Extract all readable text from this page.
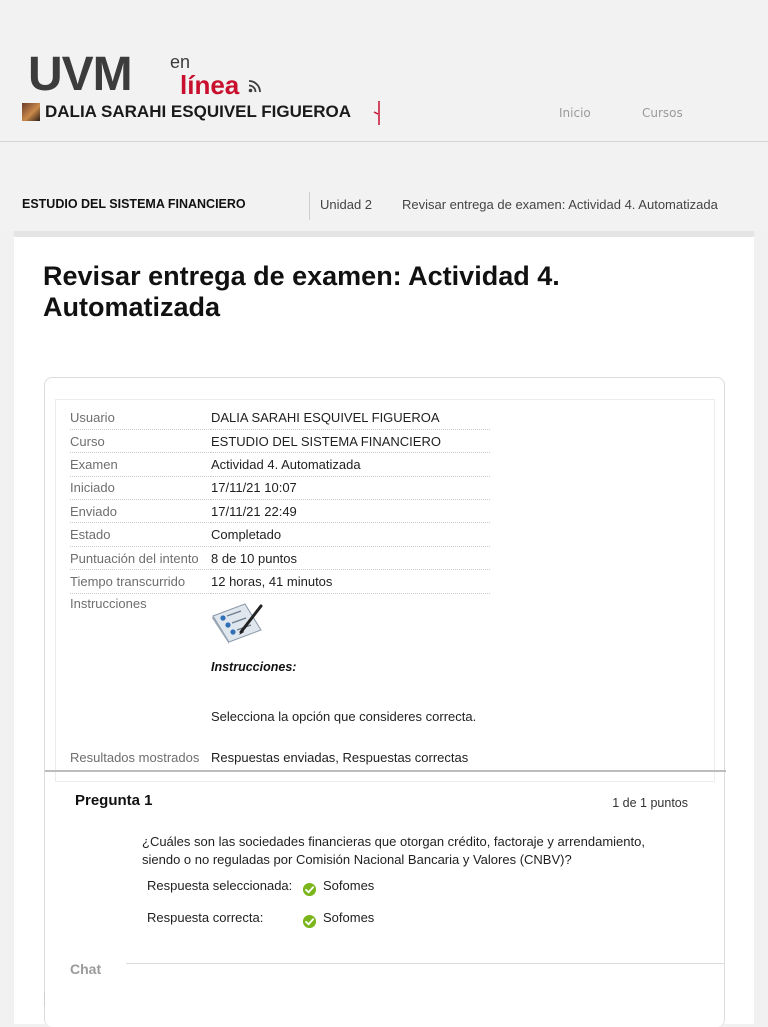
UVM en
línea
DALIA SARAHI ESQUIVEL FIGUEROA	Inicio	Cursos
ESTUDIO DEL SISTEMA FINANCIERO	Unidad 2 Revisar entrega de examen: Actividad 4. Automatizada
Revisar entrega de examen: Actividad 4. Automatizada
Usuario	DALIA SARAHI ESQUIVEL FIGUEROA
Curso	ESTUDIO DEL SISTEMA FINANCIERO
Examen	Actividad 4. Automatizada
Iniciado	17/11/21 10:07
Enviado	17/11/21 22:49
Estado	Completado
Puntuación del intento	8 de 10 puntos
Tiempo transcurrido	12 horas, 41 minutos
Instrucciones	Instrucciones:
Selecciona la opción que consideres correcta.

Resultados mostrados	Respuestas enviadas, Respuestas correctas
Pregunta 1	1 de 1 puntos

¿Cuáles son las sociedades financieras que otorgan crédito, factoraje y arrendamiento, siendo o no reguladas por Comisión Nacional Bancaria y Valores (CNBV)?

Respuesta seleccionada: Sofomes
Respuesta correcta:	Sofomes
Chat
